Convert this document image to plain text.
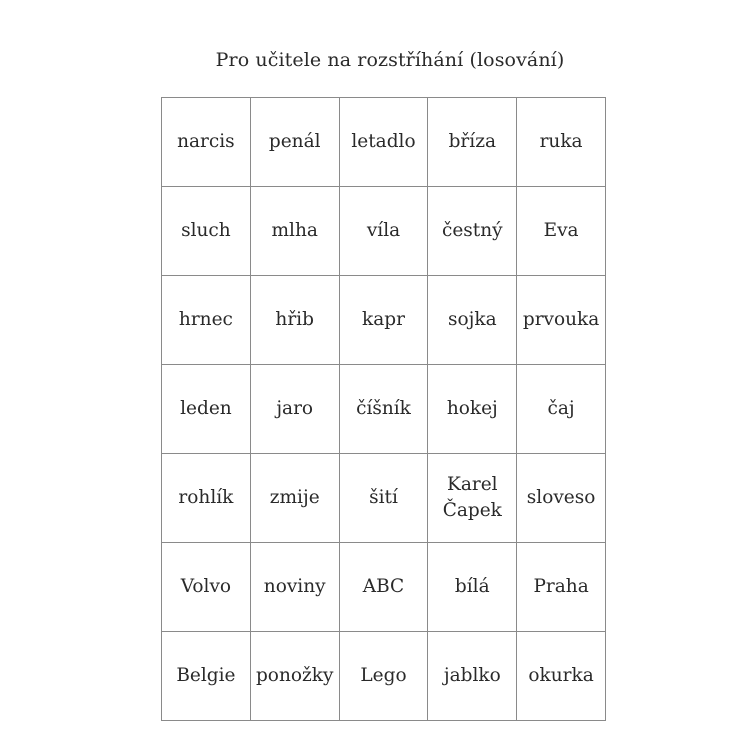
Pro učitele na rozstříhání (losování)
narcis	penál	letadlo	bříza	ruka
sluch	mlha	víla	čestný	Eva
hrnec	hřib	kapr	sojka	prvouka
leden	jaro	číšník	hokej	čaj
rohlík	zmije	šití	Karel Čapek	sloveso
Volvo	noviny	ABC	bílá	Praha
Belgie	ponožky	Lego	jablko	okurka
